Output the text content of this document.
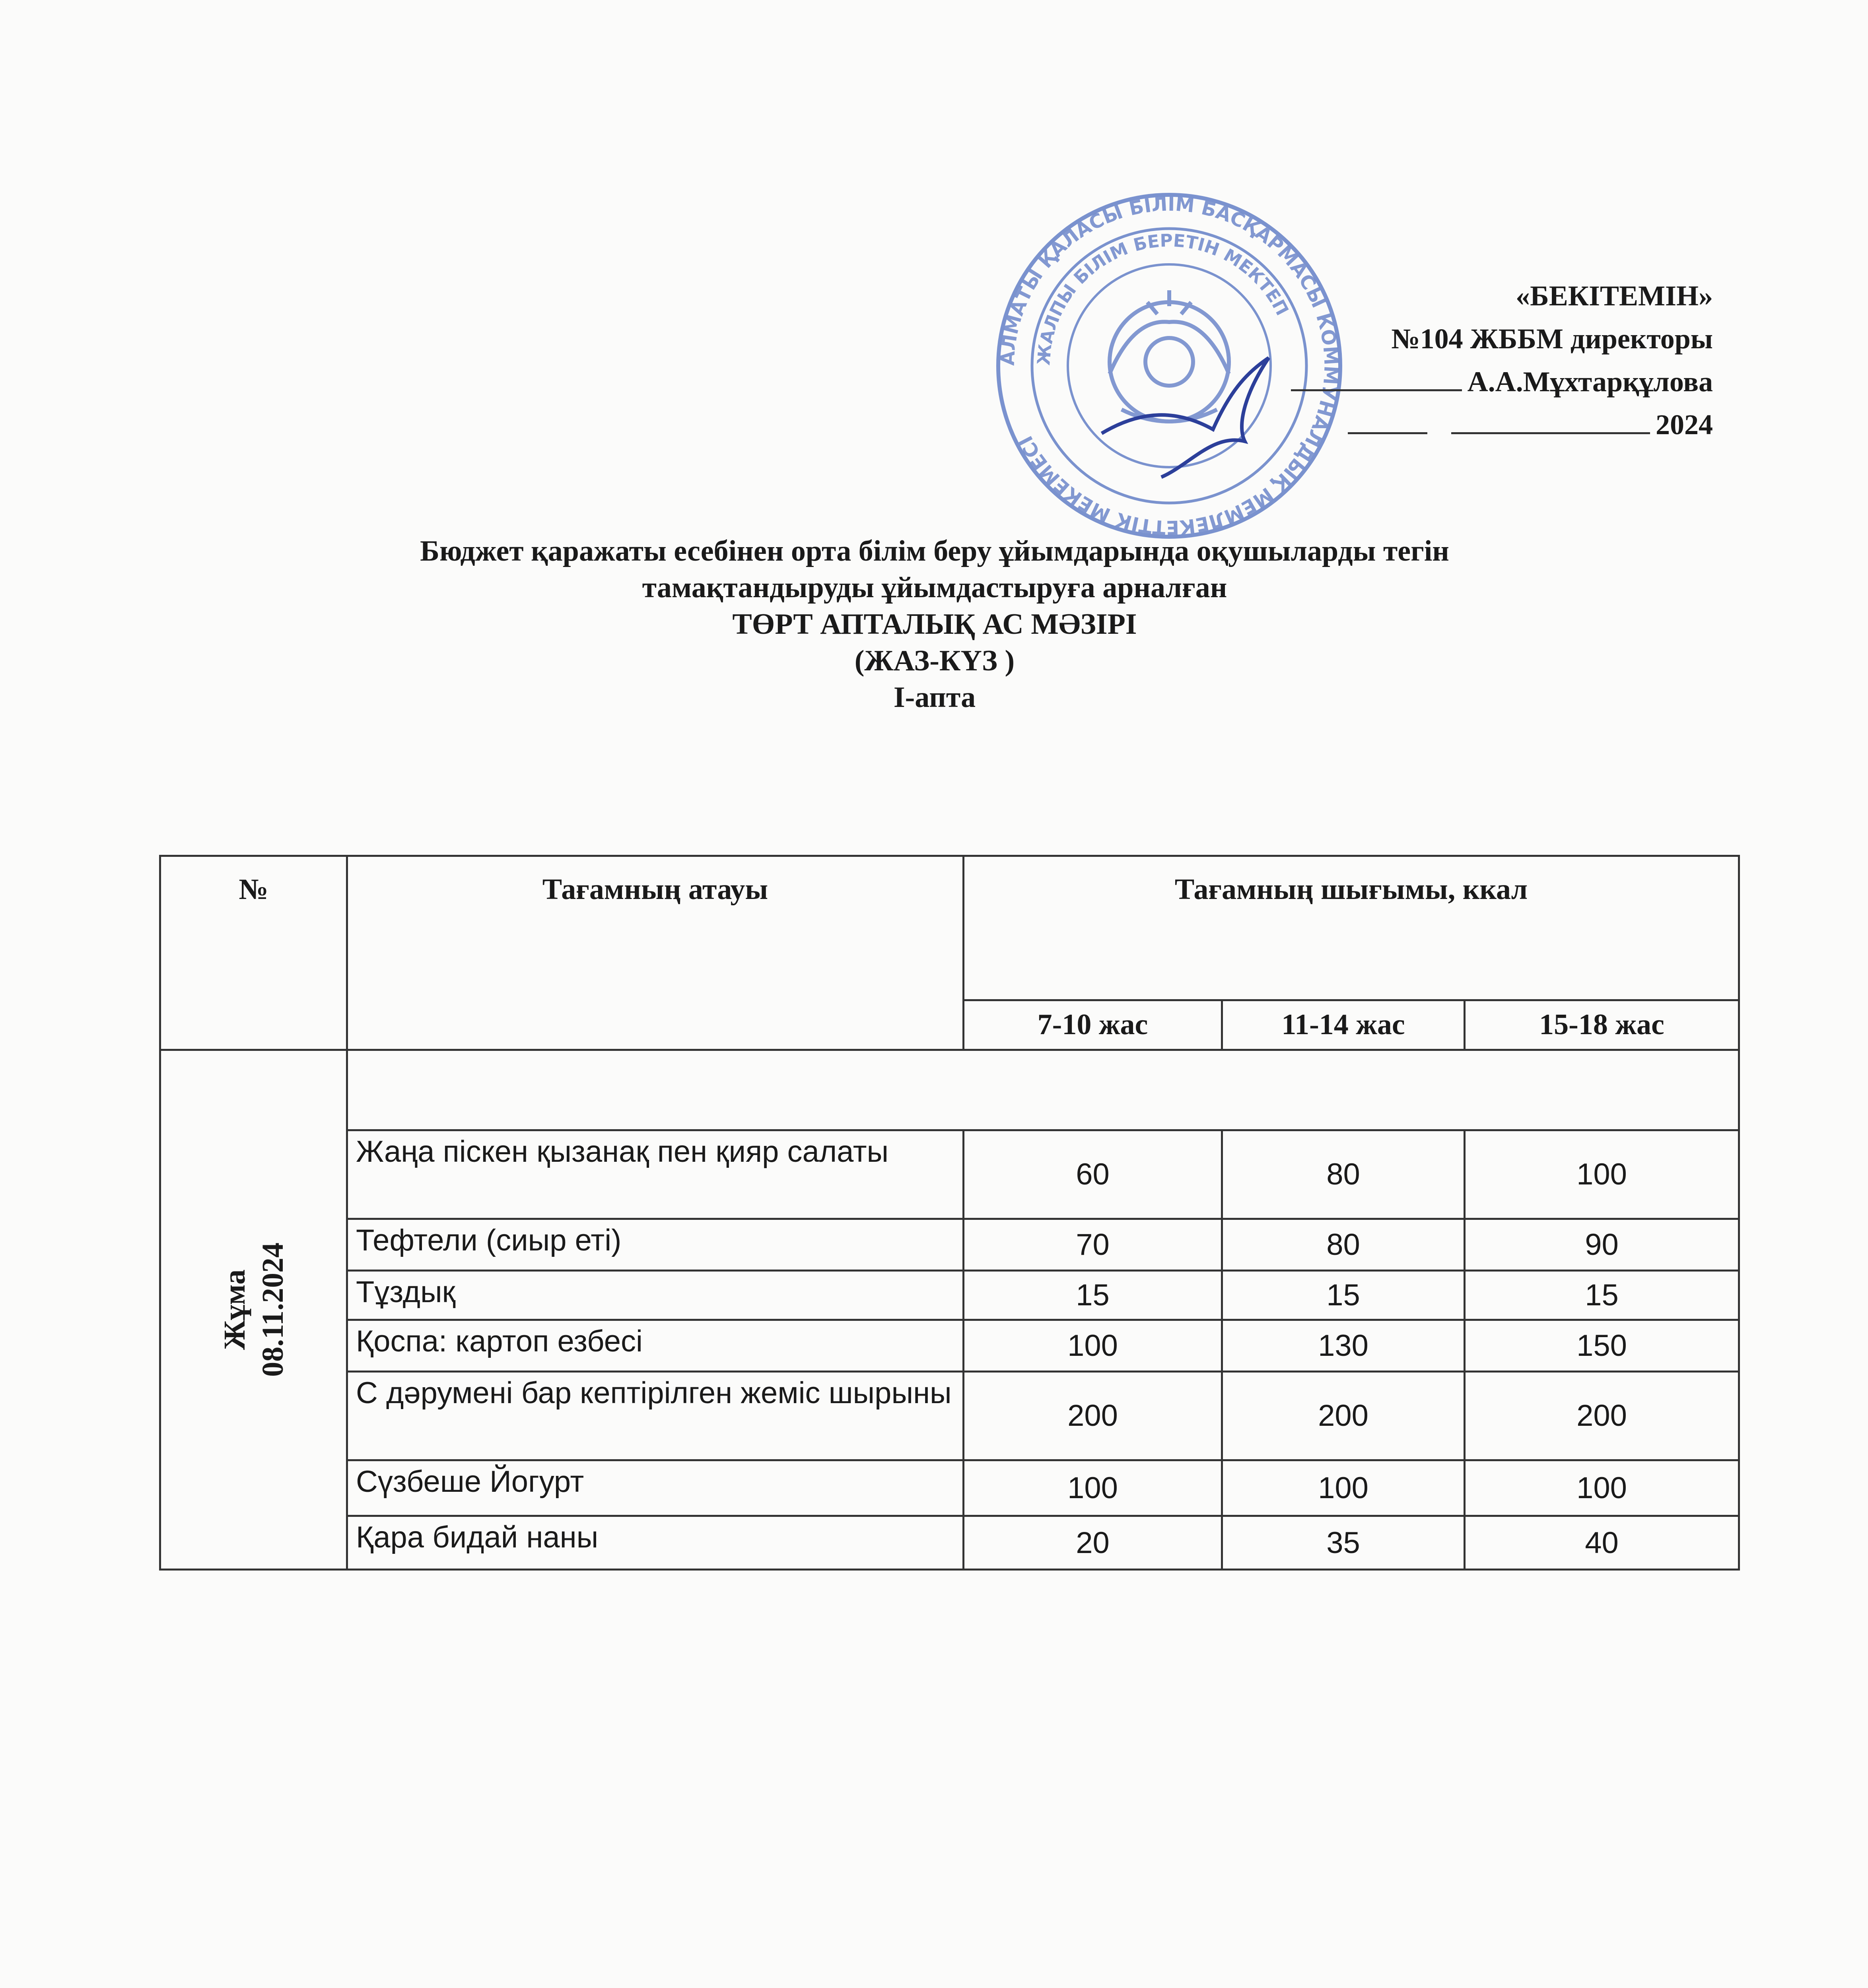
АЛМАТЫ ҚАЛАСЫ БІЛІМ БАСҚАРМАСЫ КОММУНАЛДЫҚ МЕМЛЕКЕТТІК МЕКЕМЕСІ
ЖАЛПЫ БІЛІМ БЕРЕТІН МЕКТЕП	«БЕКІТЕМІН»
№104 ЖББМ директоры
А.А.Мұхтарқұлова
2024
Бюджет қаражаты есебінен орта білім беру ұйымдарында оқушыларды тегін
тамақтандыруды ұйымдастыруға арналған
ТӨРТ АПТАЛЫҚ АС МӘЗІРІ
(ЖАЗ-КҮЗ )
І-апта
№	Тағамның атауы	Тағамның шығымы, ккал		
		7-10 жас	11-14 жас	15-18 жас
Жұма 08.11.2024				
	Жаңа піскен қызанақ пен қияр салаты	60	80	100
	Тефтели (сиыр еті)	70	80	90
	Тұздық	15	15	15
	Қоспа: картоп езбесі	100	130	150
	С дәрумені бар кептірілген жеміс шырыны	200	200	200
	Сүзбеше Йогурт	100	100	100
	Қара бидай наны	20	35	40
